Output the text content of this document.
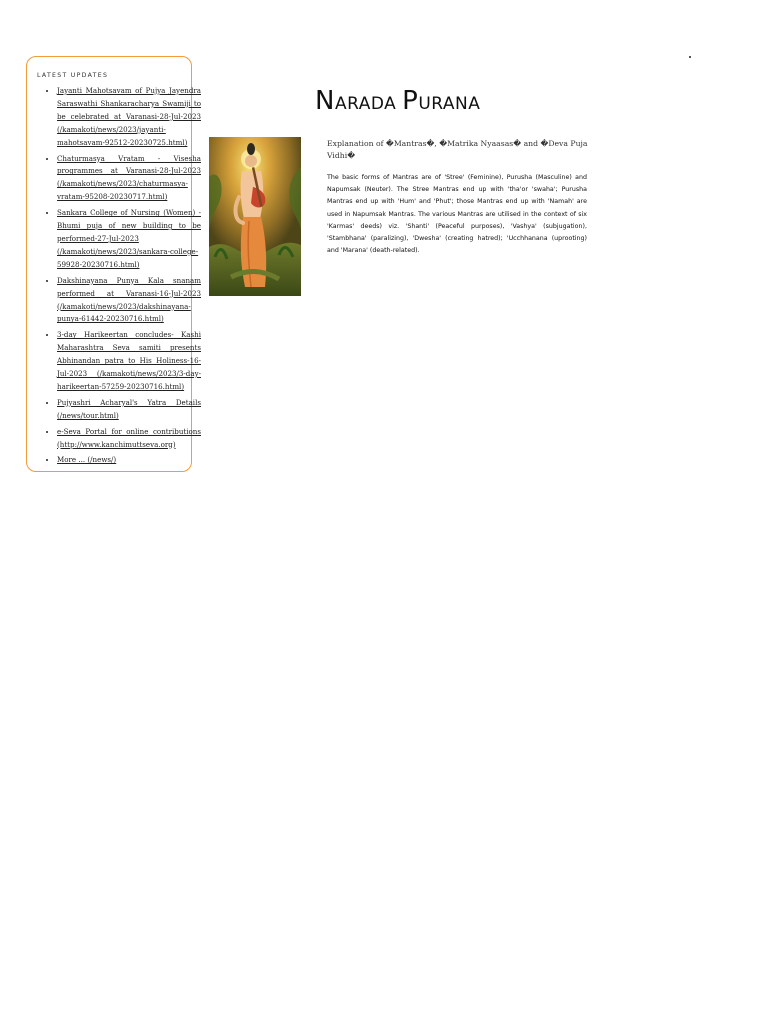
LATEST UPDATES
• Jayanti Mahotsavam of Pujya Jayendra Saraswathi Shankaracharya Swamiji to be celebrated at Varanasi-28-Jul-2023 (/kamakoti/news/2023/jayanti-mahotsavam-92512-20230725.html)
• Chaturmasya Vratam - Visesha programmes at Varanasi-28-Jul-2023 (/kamakoti/news/2023/chaturmasya-vratam-95208-20230717.html)
• Sankara College of Nursing (Women) - Bhumi puja of new building to be performed-27-Jul-2023 (/kamakoti/news/2023/sankara-college-59928-20230716.html)
• Dakshinayana Punya Kala snanam performed at Varanasi-16-Jul-2023 (/kamakoti/news/2023/dakshinayana-punya-61442-20230716.html)
• 3-day Harikeertan concludes- Kashi Maharashtra Seva samiti presents Abhinandan patra to His Holiness-16-Jul-2023 (/kamakoti/news/2023/3-day-harikeertan-57259-20230716.html)
• Pujyashri Acharyal's Yatra Details (/news/tour.html)
• e-Seva Portal for online contributions (http://www.kanchimuttseva.org)
• More ... (/news/)
NARADA PURANA
Explanation of �Mantras�, �Matrika Nyaasas� and �Deva Puja Vidhi�

The basic forms of Mantras are of 'Stree' (Feminine), Purusha (Masculine) and Napumsak (Neuter). The Stree Mantras end up with 'tha'or 'swaha'; Purusha Mantras end up with 'Hum' and 'Phut'; those Mantras end up with 'Namah' are used in Napumsak Mantras. The various Mantras are utilised in the context of six 'Karmas' deeds) viz. 'Shanti' (Peaceful purposes), 'Vashya' (subjugation), 'Stambhana' (paralizing), 'Dwesha' (creating hatred); 'Ucchhanana (uprooting) and 'Marana' (death-related).
